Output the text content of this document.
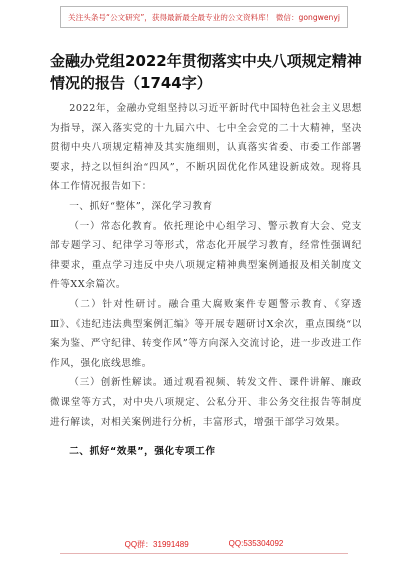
关注头条号“公文研究”，获得最新最全最专业的公文资料库！ 微信：gongwenyj
金融办党组2022年贯彻落实中央八项规定精神情况的报告（1744字）

2022年，金融办党组坚持以习近平新时代中国特色社会主义思想为指导，深入落实党的十九届六中、七中全会党的二十大精神，坚决贯彻中央八项规定精神及其实施细则，认真落实省委、市委工作部署要求，持之以恒纠治“四风”，不断巩固优化作风建设新成效。现将具体工作情况报告如下：

一、抓好“整体”，深化学习教育

（一）常态化教育。依托理论中心组学习、警示教育大会、党支部专题学习、纪律学习等形式，常态化开展学习教育，经常性强调纪律要求，重点学习违反中央八项规定精神典型案例通报及相关制度文件等XX余篇次。

（二）针对性研讨。融合重大腐败案件专题警示教育、《穿透Ⅲ》、《违纪违法典型案例汇编》等开展专题研讨X余次，重点围绕“以案为鉴、严守纪律、转变作风”等方向深入交流讨论，进一步改进工作作风，强化底线思维。

（三）创新性解读。通过观看视频、转发文件、课件讲解、廉政微课堂等方式，对中央八项规定、公私分开、非公务交往报告等制度进行解读，对相关案例进行分析，丰富形式，增强干部学习效果。

二、抓好“效果”，强化专项工作

QQ群：31991489	QQ:535304092
